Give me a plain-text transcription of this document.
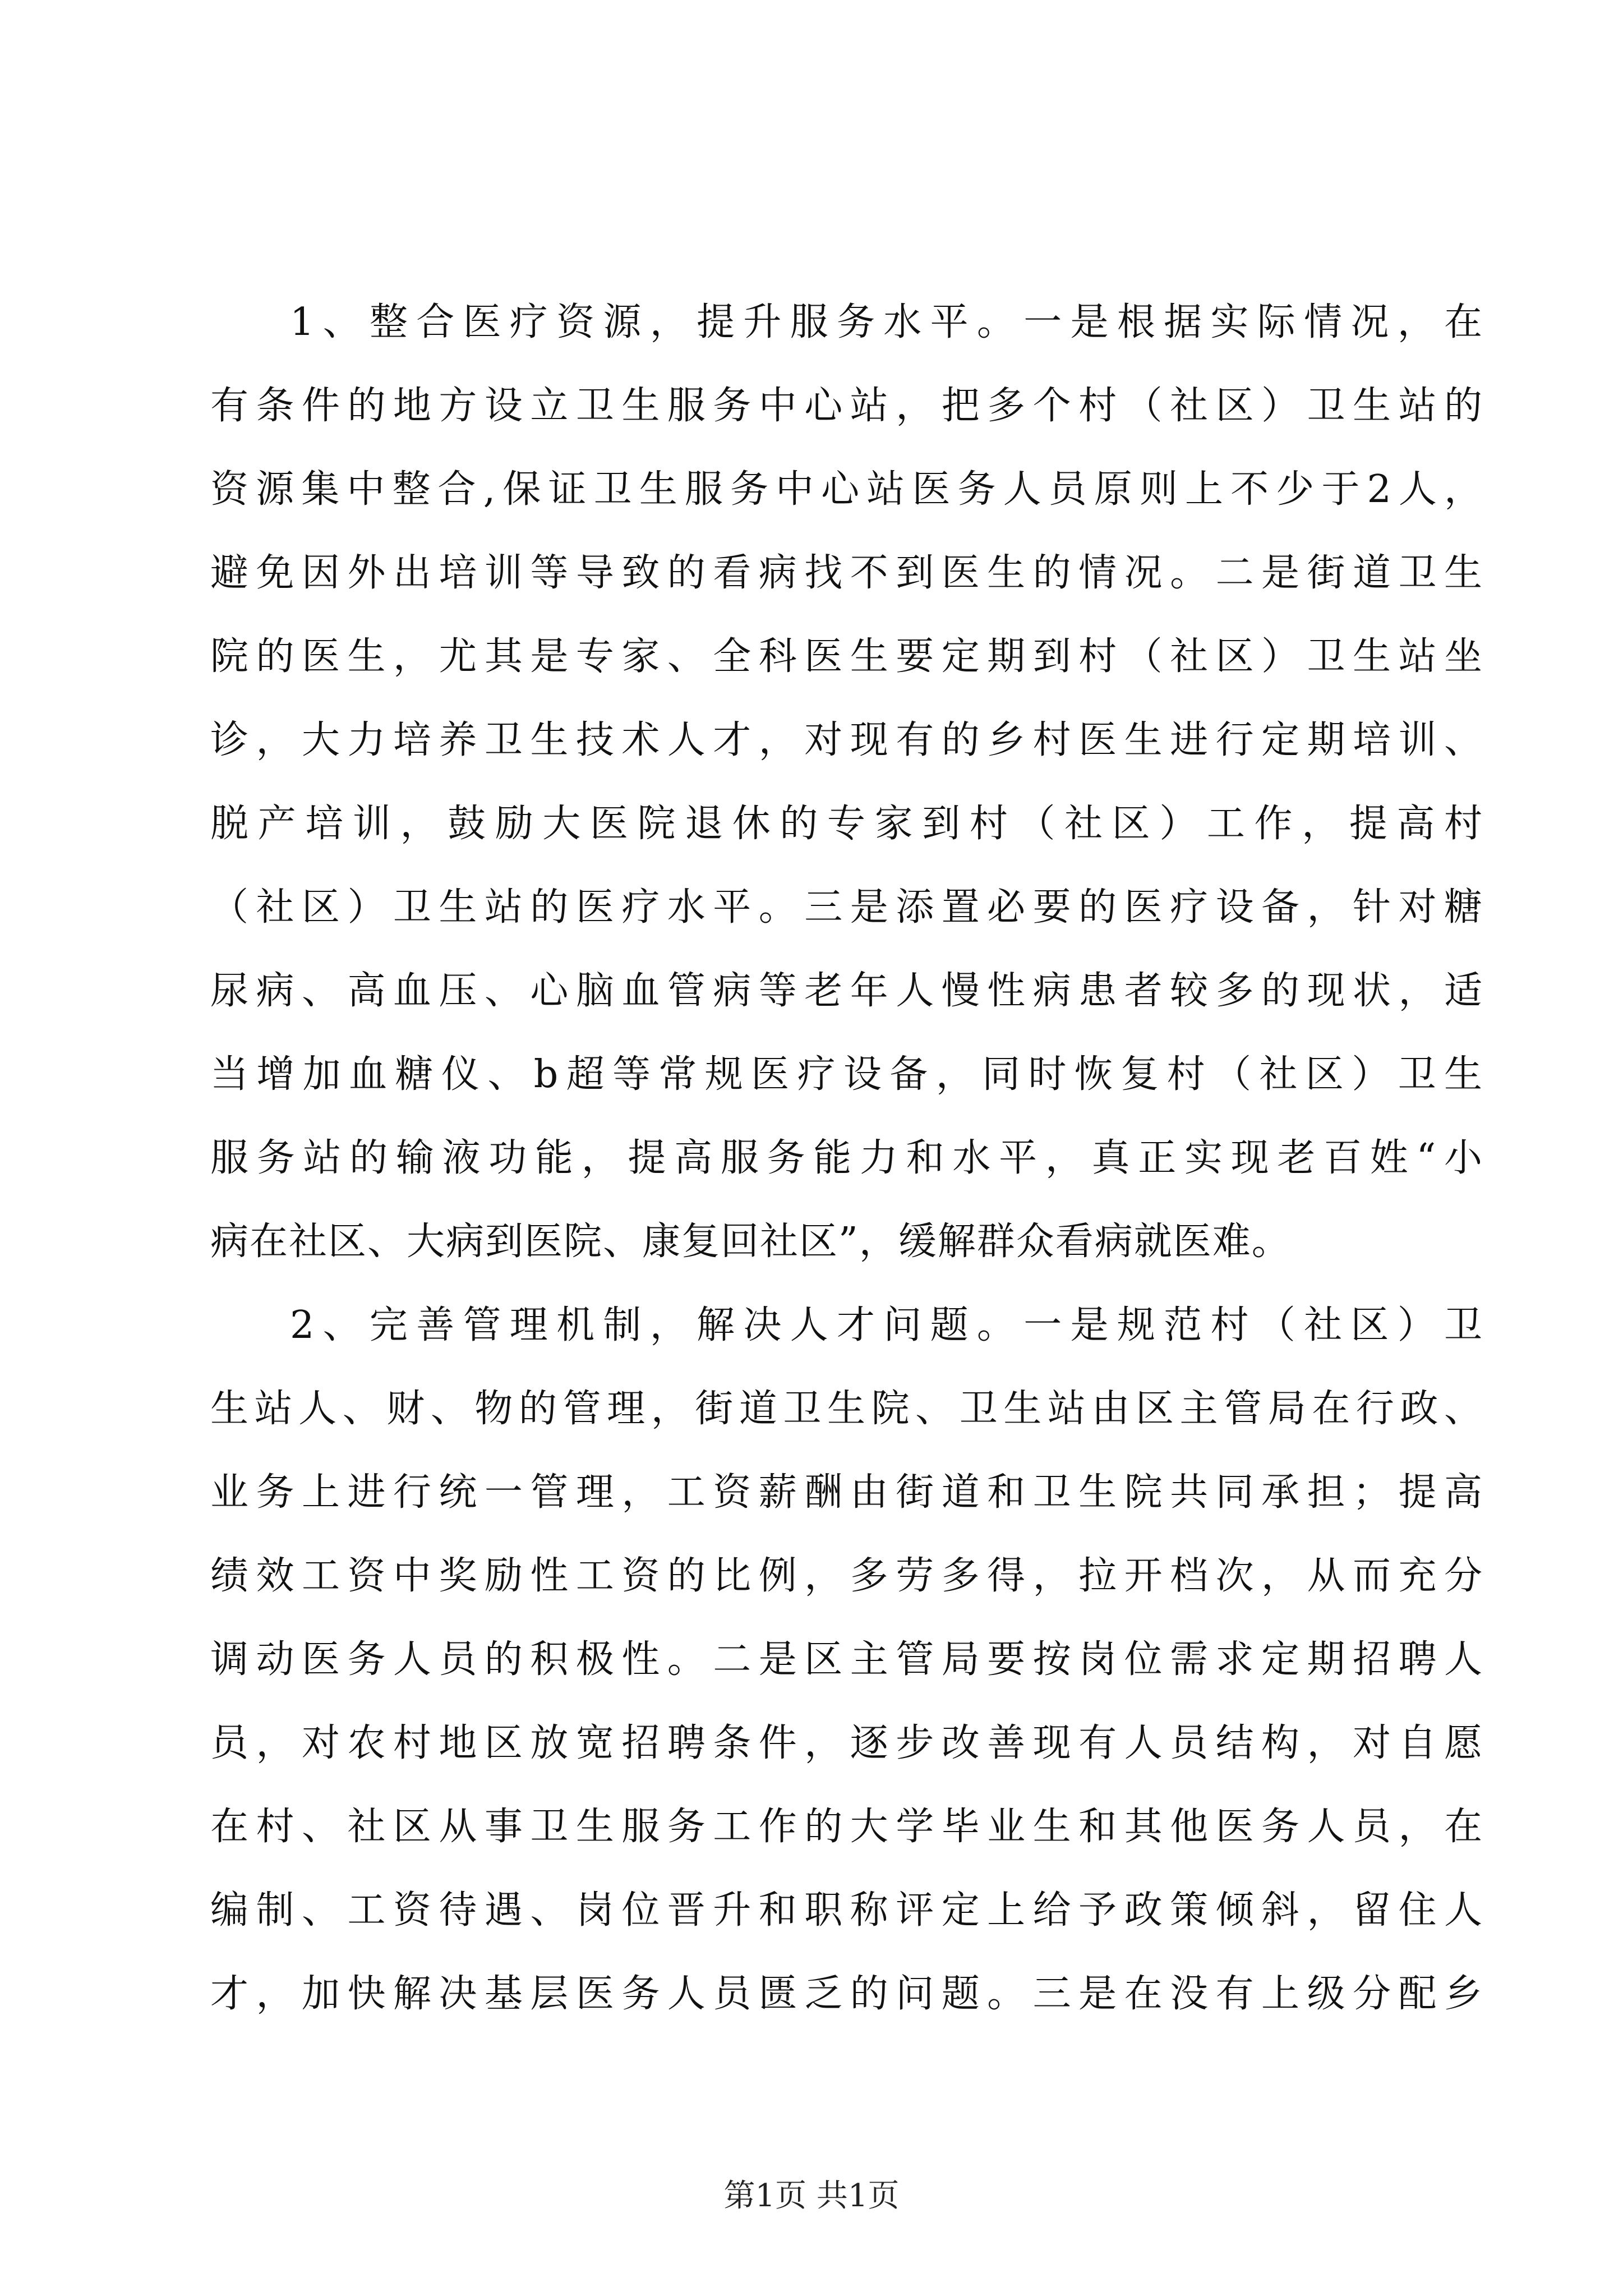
1、整合医疗资源，提升服务水平。一是根据实际情况，在
有条件的地方设立卫生服务中心站，把多个村（社区）卫生站的
资源集中整合,保证卫生服务中心站医务人员原则上不少于2人，
避免因外出培训等导致的看病找不到医生的情况。二是街道卫生
院的医生，尤其是专家、全科医生要定期到村（社区）卫生站坐
诊，大力培养卫生技术人才，对现有的乡村医生进行定期培训、
脱产培训，鼓励大医院退休的专家到村（社区）工作，提高村
（社区）卫生站的医疗水平。三是添置必要的医疗设备，针对糖
尿病、高血压、心脑血管病等老年人慢性病患者较多的现状，适
当增加血糖仪、b超等常规医疗设备，同时恢复村（社区）卫生
服务站的输液功能，提高服务能力和水平，真正实现老百姓“小
病在社区、大病到医院、康复回社区”，缓解群众看病就医难。
2、完善管理机制，解决人才问题。一是规范村（社区）卫
生站人、财、物的管理，街道卫生院、卫生站由区主管局在行政、
业务上进行统一管理，工资薪酬由街道和卫生院共同承担；提高
绩效工资中奖励性工资的比例，多劳多得，拉开档次，从而充分
调动医务人员的积极性。二是区主管局要按岗位需求定期招聘人
员，对农村地区放宽招聘条件，逐步改善现有人员结构，对自愿
在村、社区从事卫生服务工作的大学毕业生和其他医务人员，在
编制、工资待遇、岗位晋升和职称评定上给予政策倾斜，留住人
才，加快解决基层医务人员匮乏的问题。三是在没有上级分配乡
第1页 共1页
